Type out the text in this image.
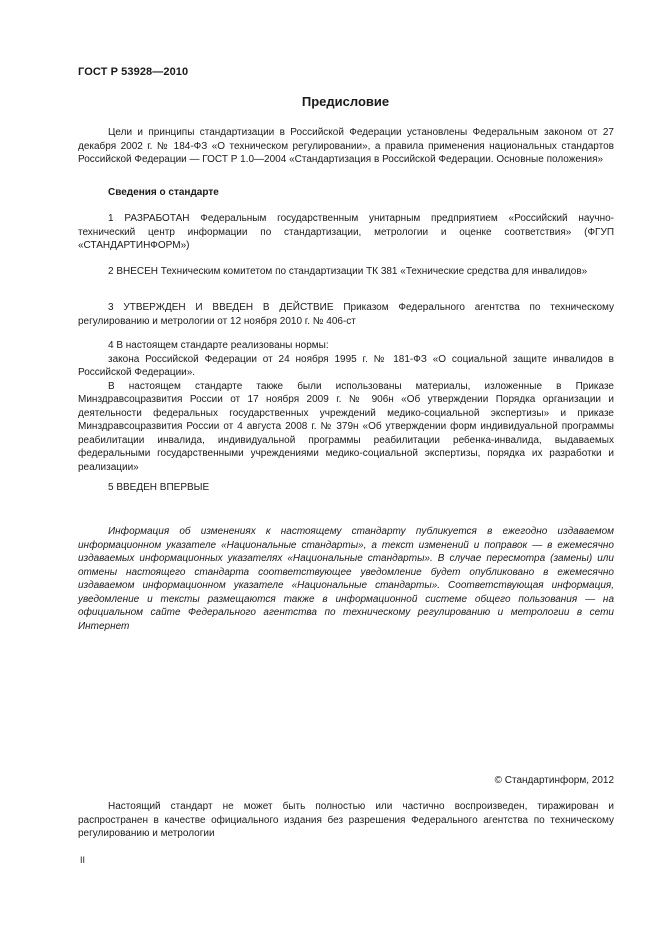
ГОСТ Р 53928—2010
Предисловие

Цели и принципы стандартизации в Российской Федерации установлены Федеральным законом от 27 декабря 2002 г. № 184-ФЗ «О техническом регулировании», а правила применения национальных стандартов Российской Федерации — ГОСТ Р 1.0—2004 «Стандартизация в Российской Федерации. Основные положения»

Сведения о стандарте

1 РАЗРАБОТАН Федеральным государственным унитарным предприятием «Российский научно-технический центр информации по стандартизации, метрологии и оценке соответствия» (ФГУП «СТАНДАРТИНФОРМ»)

2 ВНЕСЕН Техническим комитетом по стандартизации ТК 381 «Технические средства для инвалидов»

3 УТВЕРЖДЕН И ВВЕДЕН В ДЕЙСТВИЕ Приказом Федерального агентства по техническому регулированию и метрологии от 12 ноября 2010 г. № 406-ст

4 В настоящем стандарте реализованы нормы:

закона Российской Федерации от 24 ноября 1995 г. № 181-ФЗ «О социальной защите инвалидов в Российской Федерации».

В настоящем стандарте также были использованы материалы, изложенные в Приказе Минздравсоцразвития России от 17 ноября 2009 г. № 906н «Об утверждении Порядка организации и деятельности федеральных государственных учреждений медико-социальной экспертизы» и приказе Минздравсоцразвития России от 4 августа 2008 г. № 379н «Об утверждении форм индивидуальной программы реабилитации инвалида, индивидуальной программы реабилитации ребенка-инвалида, выдаваемых федеральными государственными учреждениями медико-социальной экспертизы, порядка их разработки и реализации»

5 ВВЕДЕН ВПЕРВЫЕ

Информация об изменениях к настоящему стандарту публикуется в ежегодно издаваемом информационном указателе «Национальные стандарты», а текст изменений и поправок — в ежемесячно издаваемых информационных указателях «Национальные стандарты». В случае пересмотра (замены) или отмены настоящего стандарта соответствующее уведомление будет опубликовано в ежемесячно издаваемом информационном указателе «Национальные стандарты». Соответствующая информация, уведомление и тексты размещаются также в информационной системе общего пользования — на официальном сайте Федерального агентства по техническому регулированию и метрологии в сети Интернет

© Стандартинформ, 2012

Настоящий стандарт не может быть полностью или частично воспроизведен, тиражирован и распространен в качестве официального издания без разрешения Федерального агентства по техническому регулированию и метрологии

II
